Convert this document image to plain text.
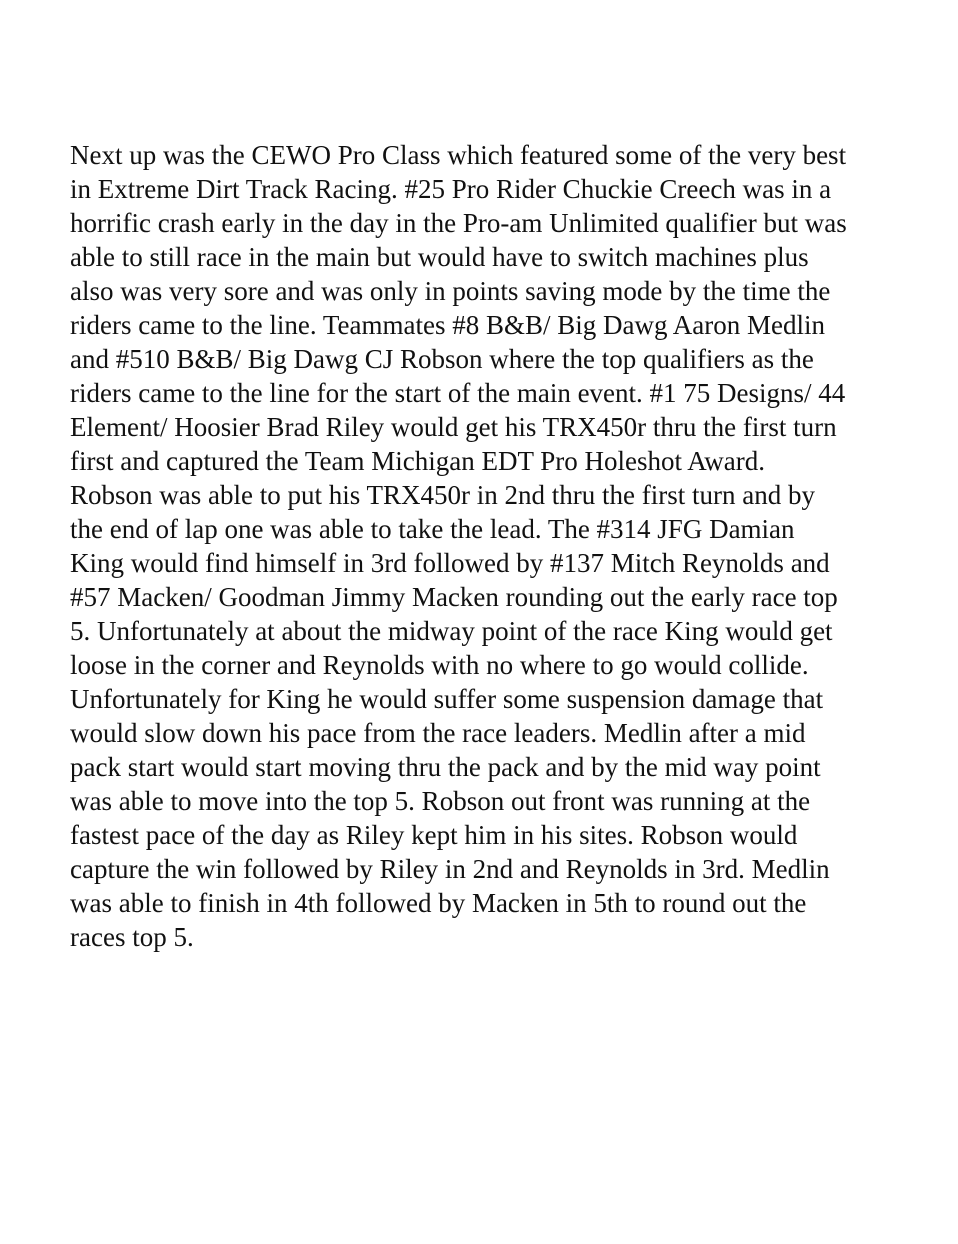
Next up was the CEWO Pro Class which featured some of the very best
in Extreme Dirt Track Racing. #25 Pro Rider Chuckie Creech was in a
horrific crash early in the day in the Pro-am Unlimited qualifier but was
able to still race in the main but would have to switch machines plus
also was very sore and was only in points saving mode by the time the
riders came to the line. Teammates #8 B&B/ Big Dawg Aaron Medlin
and #510 B&B/ Big Dawg CJ Robson where the top qualifiers as the
riders came to the line for the start of the main event. #1 75 Designs/ 44
Element/ Hoosier Brad Riley would get his TRX450r thru the first turn
first and captured the Team Michigan EDT Pro Holeshot Award.
Robson was able to put his TRX450r in 2nd thru the first turn and by
the end of lap one was able to take the lead. The #314 JFG Damian
King would find himself in 3rd followed by #137 Mitch Reynolds and
#57 Macken/ Goodman Jimmy Macken rounding out the early race top
5. Unfortunately at about the midway point of the race King would get
loose in the corner and Reynolds with no where to go would collide.
Unfortunately for King he would suffer some suspension damage that
would slow down his pace from the race leaders. Medlin after a mid
pack start would start moving thru the pack and by the mid way point
was able to move into the top 5. Robson out front was running at the
fastest pace of the day as Riley kept him in his sites. Robson would
capture the win followed by Riley in 2nd and Reynolds in 3rd. Medlin
was able to finish in 4th followed by Macken in 5th to round out the
races top 5.
